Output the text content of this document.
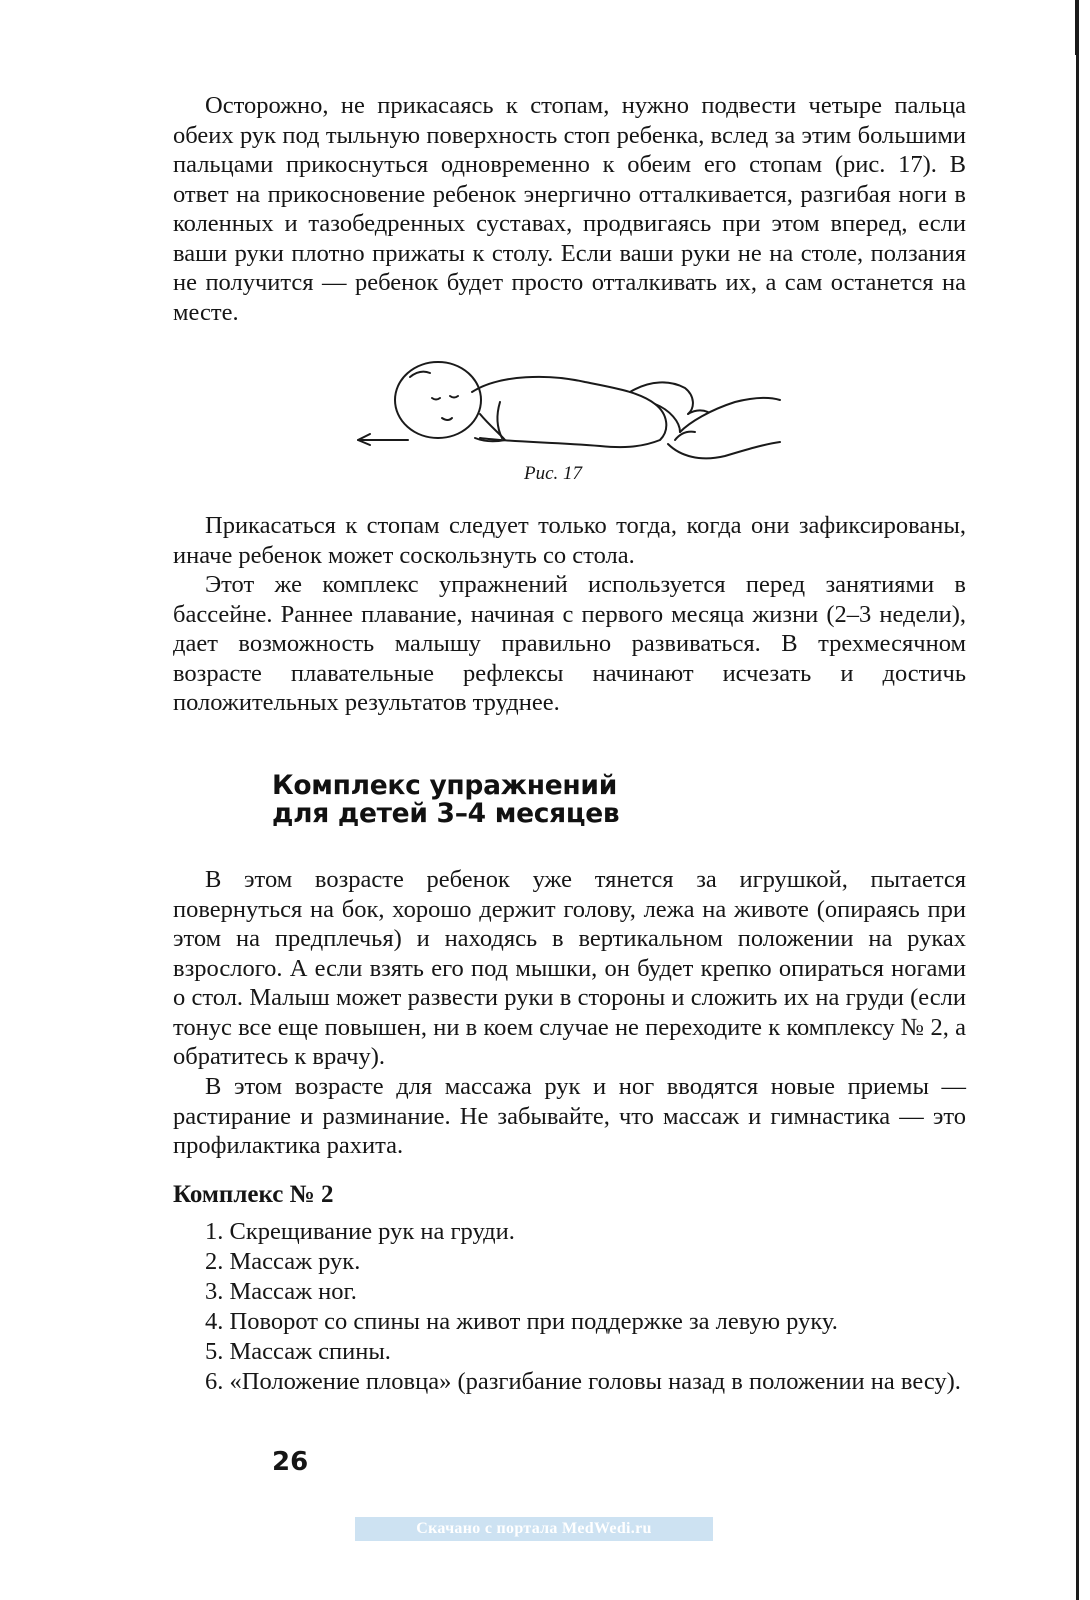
Осторожно, не прикасаясь к стопам, нужно подвести четыре пальца обеих рук под тыльную поверхность стоп ребенка, вслед за этим большими пальцами прикоснуться одновременно к обеим его стопам (рис. 17). В ответ на прикосновение ребенок энергично отталкивается, разгибая ноги в коленных и тазобедренных суставах, продвигаясь при этом вперед, если ваши руки плотно прижаты к столу. Если ваши руки не на столе, ползания не получится — ребенок будет просто отталкивать их, а сам останется на месте.

Рис. 17

Прикасаться к стопам следует только тогда, когда они зафиксированы, иначе ребенок может соскользнуть со стола.

Этот же комплекс упражнений используется перед занятиями в бассейне. Раннее плавание, начиная с первого месяца жизни (2–3 недели), дает возможность малышу правильно развиваться. В трехмесячном возрасте плавательные рефлексы начинают исчезать и достичь положительных результатов труднее.

Комплекс упражнений
для детей 3–4 месяцев

В этом возрасте ребенок уже тянется за игрушкой, пытается повернуться на бок, хорошо держит голову, лежа на животе (опираясь при этом на предплечья) и находясь в вертикальном положении на руках взрослого. А если взять его под мышки, он будет крепко опираться ногами о стол. Малыш может развести руки в стороны и сложить их на груди (если тонус все еще повышен, ни в коем случае не переходите к комплексу № 2, а обратитесь к врачу).

В этом возрасте для массажа рук и ног вводятся новые приемы — растирание и разминание. Не забывайте, что массаж и гимнастика — это профилактика рахита.

Комплекс № 2
1. Скрещивание рук на груди.
2. Массаж рук.
3. Массаж ног.
4. Поворот со спины на живот при поддержке за левую руку.
5. Массаж спины.
6. «Положение пловца» (разгибание головы назад в положении на весу).
26
Скачано с портала MedWedi.ru
